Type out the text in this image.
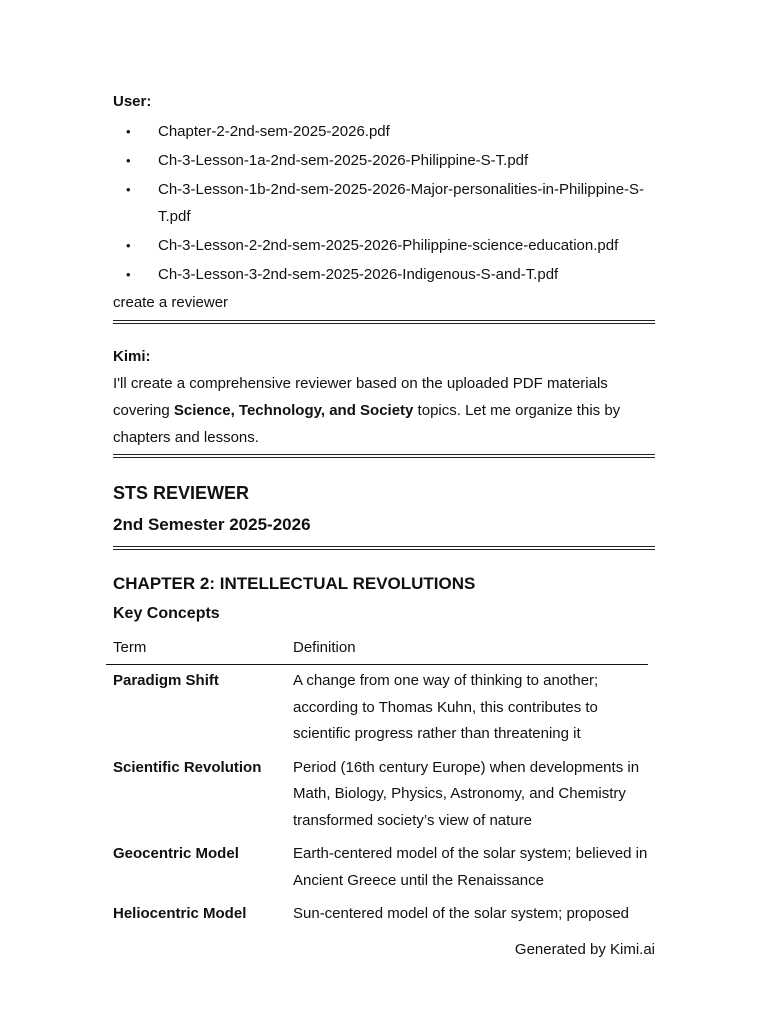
User:
• Chapter-2-2nd-sem-2025-2026.pdf
• Ch-3-Lesson-1a-2nd-sem-2025-2026-Philippine-S-T.pdf
• Ch-3-Lesson-1b-2nd-sem-2025-2026-Major-personalities-in-Philippine-S-T.pdf
• Ch-3-Lesson-2-2nd-sem-2025-2026-Philippine-science-education.pdf
• Ch-3-Lesson-3-2nd-sem-2025-2026-Indigenous-S-and-T.pdf
create a reviewer
Kimi:
I'll create a comprehensive reviewer based on the uploaded PDF materials covering Science, Technology, and Society topics. Let me organize this by chapters and lessons.
STS REVIEWER
2nd Semester 2025-2026
CHAPTER 2: INTELLECTUAL REVOLUTIONS
Key Concepts
Term	Definition
Paradigm Shift	A change from one way of thinking to another; according to Thomas Kuhn, this contributes to scientific progress rather than threatening it
Scientific Revolution	Period (16th century Europe) when developments in Math, Biology, Physics, Astronomy, and Chemistry transformed society’s view of nature
Geocentric Model	Earth-centered model of the solar system; believed in Ancient Greece until the Renaissance
Heliocentric Model	Sun-centered model of the solar system; proposed
Generated by Kimi.ai
